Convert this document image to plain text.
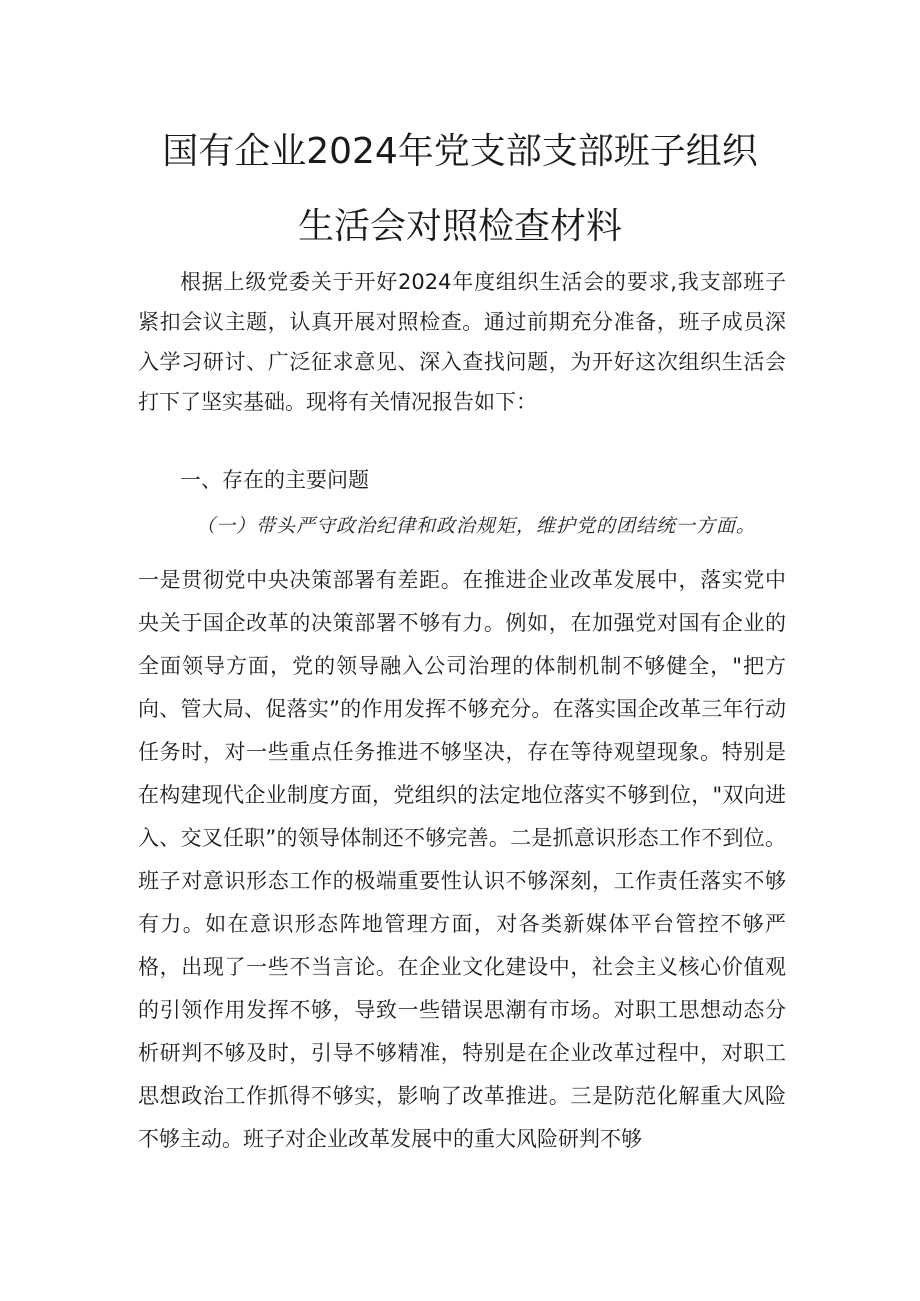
国有企业2024年党支部支部班子组织
生活会对照检查材料

根据上级党委关于开好2024年度组织生活会的要求,我支部班子紧扣会议主题，认真开展对照检查。通过前期充分准备，班子成员深入学习研讨、广泛征求意见、深入查找问题，为开好这次组织生活会打下了坚实基础。现将有关情况报告如下：

一、存在的主要问题

（一）带头严守政治纪律和政治规矩，维护党的团结统一方面。

一是贯彻党中央决策部署有差距。在推进企业改革发展中，落实党中央关于国企改革的决策部署不够有力。例如，在加强党对国有企业的全面领导方面，党的领导融入公司治理的体制机制不够健全，"把方向、管大局、促落实”的作用发挥不够充分。在落实国企改革三年行动任务时，对一些重点任务推进不够坚决，存在等待观望现象。特别是在构建现代企业制度方面，党组织的法定地位落实不够到位，"双向进入、交叉任职”的领导体制还不够完善。二是抓意识形态工作不到位。班子对意识形态工作的极端重要性认识不够深刻，工作责任落实不够有力。如在意识形态阵地管理方面，对各类新媒体平台管控不够严格，出现了一些不当言论。在企业文化建设中，社会主义核心价值观的引领作用发挥不够，导致一些错误思潮有市场。对职工思想动态分析研判不够及时，引导不够精准，特别是在企业改革过程中，对职工思想政治工作抓得不够实，影响了改革推进。三是防范化解重大风险不够主动。班子对企业改革发展中的重大风险研判不够
